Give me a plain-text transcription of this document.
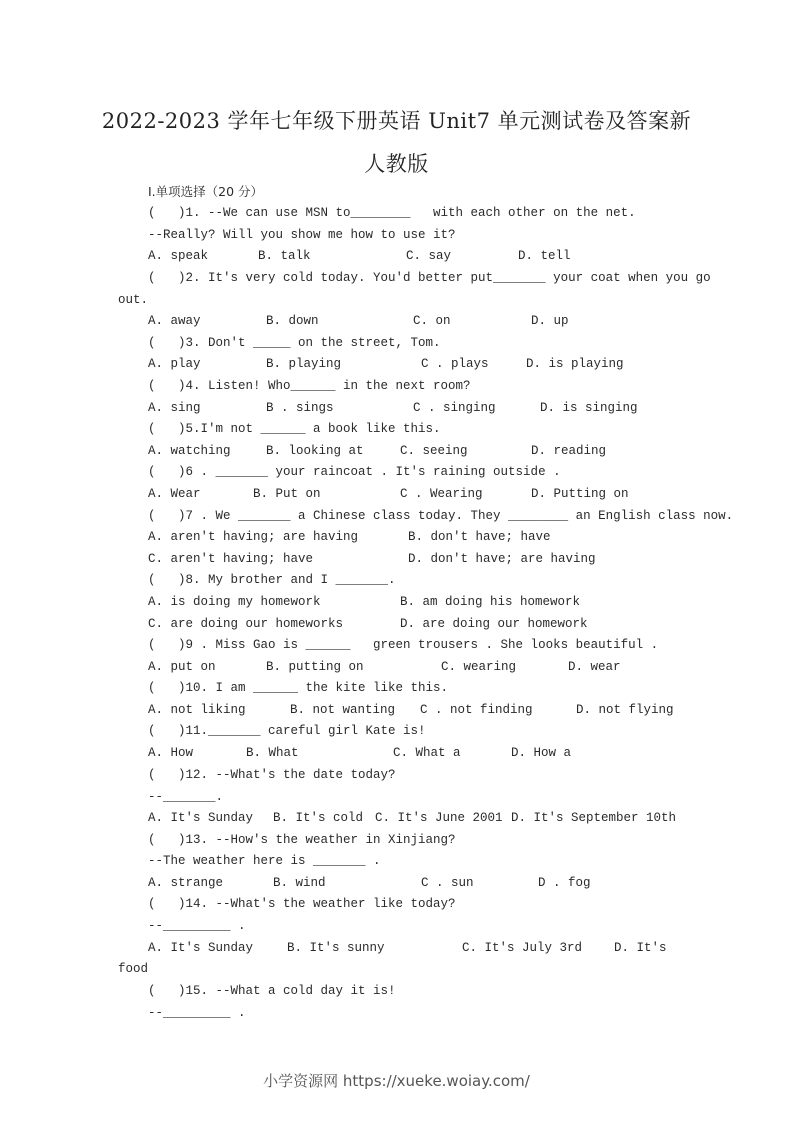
2022-2023 学年七年级下册英语 Unit7 单元测试卷及答案新
人教版
I.单项选择（20 分）
(   )1. --We can use MSN to________   with each other on the net.
--Really? Will you show me how to use it?
(   )2. It's very cold today. You'd better put_______ your coat when you go
out.
(   )3. Don't _____ on the street, Tom.
(   )4. Listen! Who______ in the next room?
(   )5.I'm not ______ a book like this.
(   )6 . _______ your raincoat . It's raining outside .
(   )7 . We _______ a Chinese class today. They ________ an English class now.
(   )8. My brother and I _______.
(   )9 . Miss Gao is ______   green trousers . She looks beautiful .
(   )10. I am ______ the kite like this.
(   )11._______ careful girl Kate is!
(   )12. --What's the date today?
--_______.
(   )13. --How's the weather in Xinjiang?
--The weather here is _______ .
(   )14. --What's the weather like today?
--_________ .
food
(   )15. --What a cold day it is!
--_________ .
A. speak	B. talk	C. say	D. tell
A. away	B. down	C. on	D. up
A. play	B. playing	C . plays	D. is playing
A. sing	B . sings	C . singing	D. is singing
A. watching	B. looking at	C. seeing	D. reading
A. Wear	B. Put on	C . Wearing	D. Putting on
A. aren't having; are having	B. don't have; have
C. aren't having; have	D. don't have; are having
A. is doing my homework	B. am doing his homework
C. are doing our homeworks	D. are doing our homework
A. put on	B. putting on	C. wearing	D. wear
A. not liking	B. not wanting C . not finding	D. not flying
A. How	B. What	C. What a	D. How a
A. It's Sunday B. It's cold C. It's June 2001 D. It's September 10th
A. strange	B. wind	C . sun	D . fog
A. It's Sunday	B. It's sunny	C. It's July 3rd	D. It's
小学资源网 https://xueke.woiay.com/
